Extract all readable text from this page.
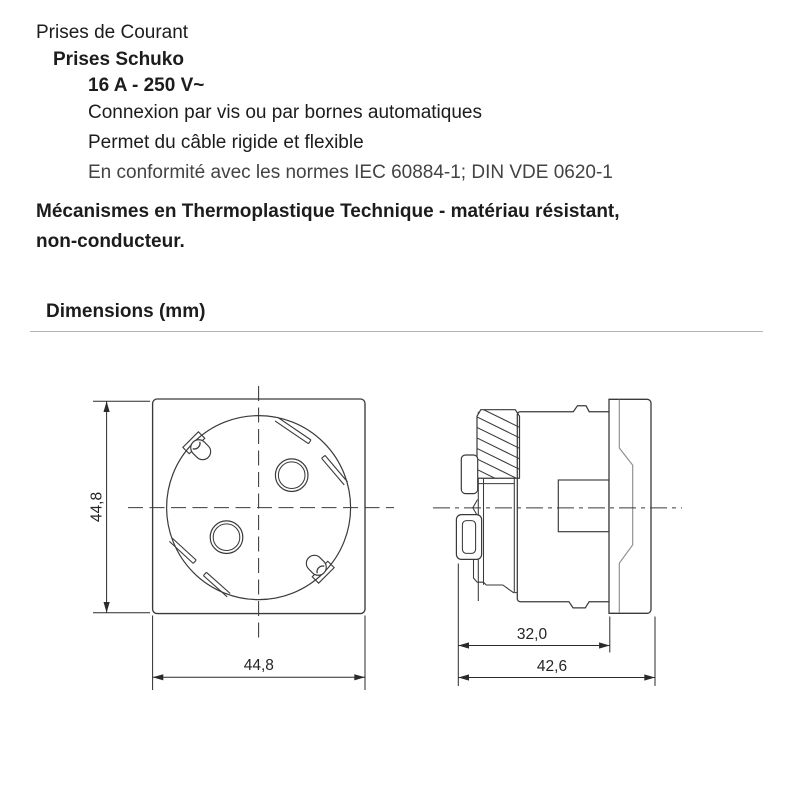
Prises de Courant
Prises Schuko
16 A - 250 V~
Connexion par vis ou par bornes automatiques
Permet du câble rigide et flexible
En conformité avec les normes IEC 60884-1; DIN VDE 0620-1
Mécanismes en Thermoplastique Technique - matériau résistant,
non-conducteur.
Dimensions (mm)
44,8
44,8
32,0
42,6
